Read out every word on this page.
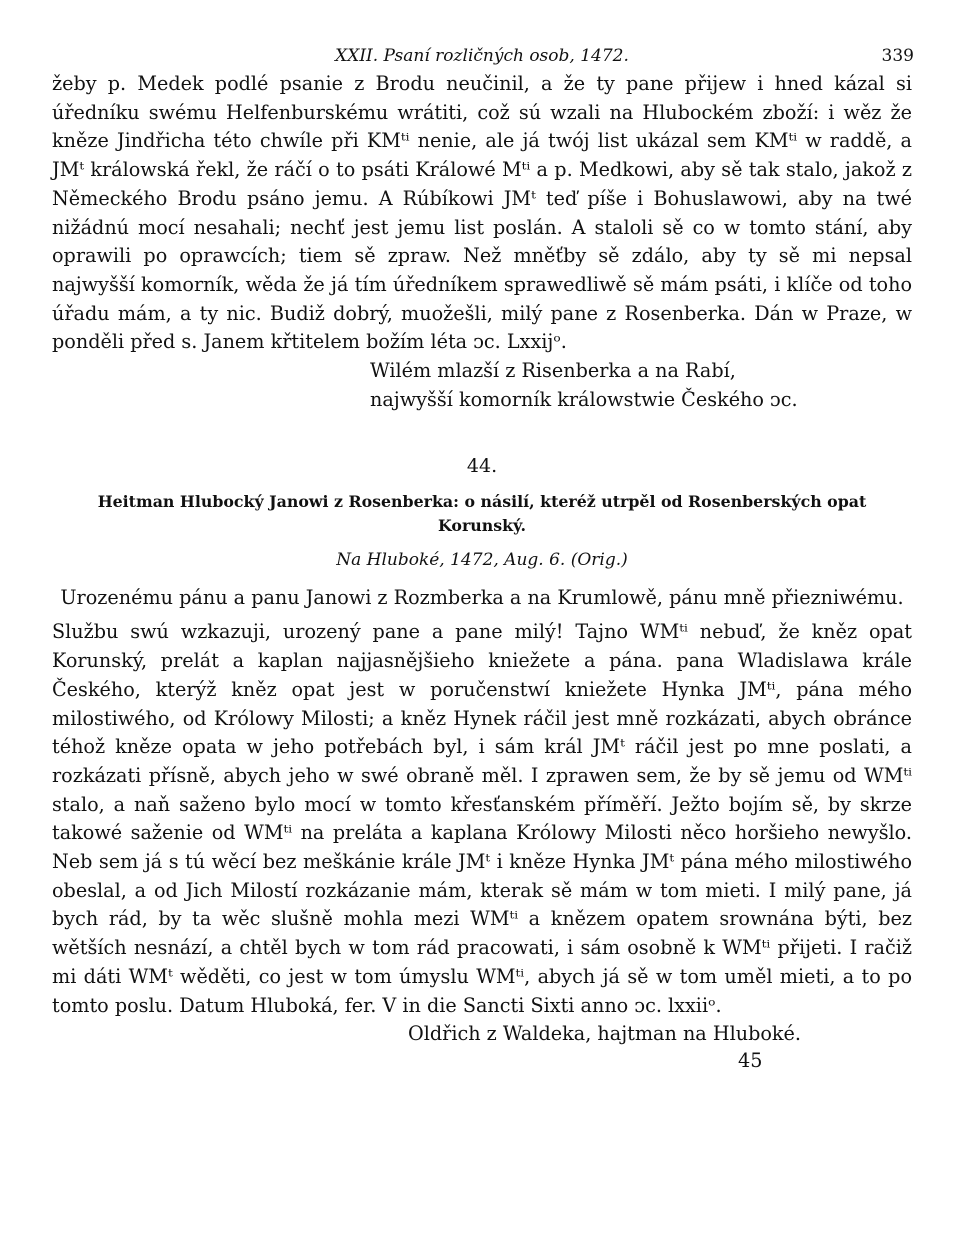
XXII. Psaní rozličných osob, 1472.	339

žeby p. Medek podlé psanie z Brodu neučinil, a že ty pane přijew i hned kázal si úředníku swému Helfenburskému wrátiti, což sú wzali na Hlubockém zboží: i wěz že kněze Jindřicha této chwíle při KMᵗⁱ nenie, ale já twój list ukázal sem KMᵗⁱ w raddě, a JMᵗ králowská řekl, že ráčí o to psáti Králowé Mᵗⁱ a p. Medkowi, aby sě tak stalo, jakož z Německého Brodu psáno jemu. A Rúbíkowi JMᵗ teď píše i Bohuslawowi, aby na twé nižádnú mocí nesahali; nechť jest jemu list poslán. A staloli sě co w tomto stání, aby oprawili po oprawcích; tiem sě zpraw. Než mněťby sě zdálo, aby ty sě mi nepsal najwyšší komorník, wěda že já tím úředníkem sprawedliwě sě mám psáti, i klíče od toho úřadu mám, a ty nic. Budiž dobrý, muožešli, milý pane z Rosenberka. Dán w Praze, w ponděli před s. Janem křtitelem božím léta ᴐc. Lxxijᵒ.

Wilém mlazší z Risenberka a na Rabí,

najwyšší komorník králowstwie Českého ᴐc.

44.

Heitman Hlubocký Janowi z Rosenberka: o násilí, kteréž utrpěl od Rosenberských opat Korunský.

Na Hluboké, 1472, Aug. 6. (Orig.)

Urozenému pánu a panu Janowi z Rozmberka a na Krumlowě, pánu mně přiezniwému.

Službu swú wzkazuji, urozený pane a pane milý! Tajno WMᵗⁱ nebuď, že kněz opat Korunský, prelát a kaplan najjasnějšieho kniežete a pána. pana Wladislawa krále Českého, kterýž kněz opat jest w poručenstwí kniežete Hynka JMᵗⁱ, pána mého milostiwého, od Królowy Milosti; a kněz Hynek ráčil jest mně rozkázati, abych obránce téhož kněze opata w jeho potřebách byl, i sám král JMᵗ ráčil jest po mne poslati, a rozkázati přísně, abych jeho w swé obraně měl. I zprawen sem, že by sě jemu od WMᵗⁱ stalo, a naň saženo bylo mocí w tomto křesťanském příměří. Ježto bojím sě, by skrze takowé saženie od WMᵗⁱ na preláta a kaplana Królowy Milosti něco horšieho newyšlo. Neb sem já s tú wěcí bez meškánie krále JMᵗ i kněze Hynka JMᵗ pána mého milostiwého obeslal, a od Jich Milostí rozkázanie mám, kterak sě mám w tom mieti. I milý pane, já bych rád, by ta wěc slušně mohla mezi WMᵗⁱ a knězem opatem srownána býti, bez wětších nesnází, a chtěl bych w tom rád pracowati, i sám osobně k WMᵗⁱ přijeti. I račiž mi dáti WMᵗ wěděti, co jest w tom úmyslu WMᵗⁱ, abych já sě w tom uměl mieti, a to po tomto poslu. Datum Hluboká, fer. V in die Sancti Sixti anno ᴐc. lxxiiᵒ.

Oldřich z Waldeka, hajtman na Hluboké.

45
